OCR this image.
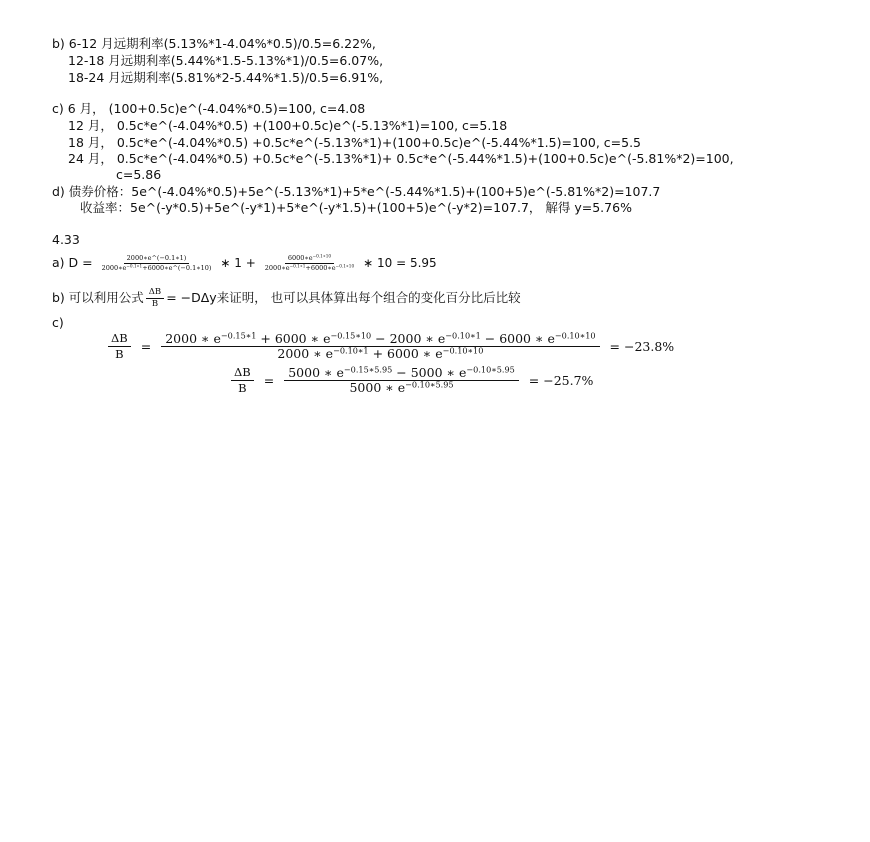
b) 6-12 月远期利率(5.13%*1-4.04%*0.5)/0.5=6.22%,
12-18 月远期利率(5.44%*1.5-5.13%*1)/0.5=6.07%,
18-24 月远期利率(5.81%*2-5.44%*1.5)/0.5=6.91%,
c) 6 月， (100+0.5c)e^(-4.04%*0.5)=100, c=4.08
12 月， 0.5c*e^(-4.04%*0.5) +(100+0.5c)e^(-5.13%*1)=100, c=5.18
18 月， 0.5c*e^(-4.04%*0.5) +0.5c*e^(-5.13%*1)+(100+0.5c)e^(-5.44%*1.5)=100, c=5.5
24 月， 0.5c*e^(-4.04%*0.5) +0.5c*e^(-5.13%*1)+ 0.5c*e^(-5.44%*1.5)+(100+0.5c)e^(-5.81%*2)=100,
c=5.86
d) 债券价格：5e^(-4.04%*0.5)+5e^(-5.13%*1)+5*e^(-5.44%*1.5)+(100+5)e^(-5.81%*2)=107.7
收益率：5e^(-y*0.5)+5e^(-y*1)+5*e^(-y*1.5)+(100+5)e^(-y*2)=107.7， 解得 y=5.76%
4.33
a) $D = \frac{2000∗e\^{}(-0.1∗1)}{2000∗e^{-0.1∗1}+6000∗e\^{}(-0.1∗10)}$ ∗ $1 + \frac{6000∗e^{-0.1∗10}}{2000∗e^{-0.1∗1}+6000∗e^{-0.1∗10}}$ ∗ 10 = 5.95
b) 可以利用公式 $\frac{\Delta B}{B} = -D\Delta y$来证明， 也可以具体算出每个组合的变化百分比后比较
c)
$\frac{\Delta B}{B}$ =	2000 ∗ $e^{-0.15∗1} + 6000$ ∗ $e^{-0.15∗10} - 2000$ ∗ $e^{-0.10∗1} - 6000$ ∗ $e^{-0.10∗10}$
2000 ∗ $e^{-0.10∗1} + 6000$ ∗ $e^{-0.10∗10}$	= −23.8%
$\frac{\Delta B}{B} = \frac{5000 ∗ e^{-0.15∗5.95} - 5000 ∗ e^{-0.10∗5.95}}{5000 ∗ e^{-0.10∗5.95}} = -25.7\%$
